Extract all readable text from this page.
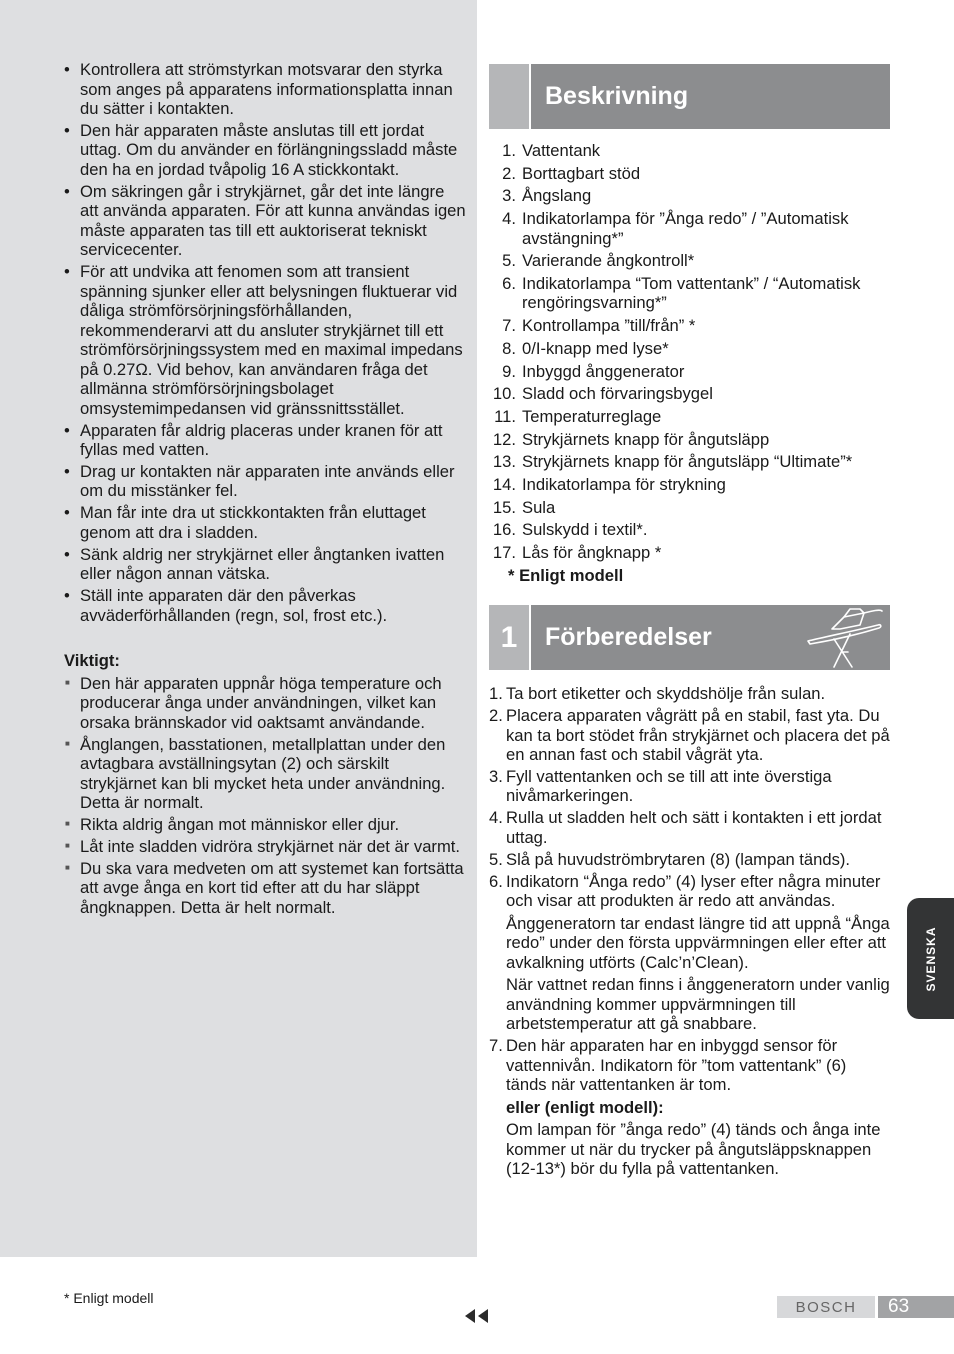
• Kontrollera att strömstyrkan motsvarar den styrka som anges på apparatens informationsplatta innan du sätter i kontakten.
• Den här apparaten måste anslutas till ett jordat uttag. Om du använder en förlängningssladd måste den ha en jordad tvåpolig 16 A stickkontakt.
• Om säkringen går i strykjärnet, går det inte längre att använda apparaten. För att kunna användas igen måste apparaten tas till ett auktoriserat tekniskt servicecenter.
• För att undvika att fenomen som att transient spänning sjunker eller att belysningen fluktuerar vid dåliga strömförsörjningsförhållanden, rekommenderarvi att du ansluter strykjärnet till ett strömförsörjningssystem med en maximal impedans på 0.27Ω. Vid behov, kan användaren fråga det allmänna strömförsörjningsbolaget omsystemimpedansen vid gränssnittsstället.
• Apparaten får aldrig placeras under kranen för att fyllas med vatten.
• Drag ur kontakten när apparaten inte används eller om du misstänker fel.
• Man får inte dra ut stickkontakten från eluttaget genom att dra i sladden.
• Sänk aldrig ner strykjärnet eller ångtanken ivatten eller någon annan vätska.
• Ställ inte apparaten där den påverkas avväderförhållanden (regn, sol, frost etc.).
Viktigt:
■ Den här apparaten uppnår höga temperature och producerar ånga under användningen, vilket kan orsaka brännskador vid oaktsamt användande.
■ Ånglangen, basstationen, metallplattan under den avtagbara avställningsytan (2) och särskilt strykjärnet kan bli mycket heta under användning. Detta är normalt.
■ Rikta aldrig ångan mot människor eller djur.
■ Låt inte sladden vidröra strykjärnet när det är varmt.
■ Du ska vara medveten om att systemet kan fortsätta att avge ånga en kort tid efter att du har släppt ångknappen. Detta är helt normalt.
Beskrivning
1. Vattentank
2. Borttagbart stöd
3. Ångslang
4. Indikatorlampa för ”Ånga redo” / ”Automatisk avstängning*”
5. Varierande ångkontroll*
6. Indikatorlampa “Tom vattentank” / “Automatisk rengöringsvarning*”
7. Kontrollampa ”till/från” *
8. 0/I-knapp med lyse*
9. Inbyggd ånggenerator
10. Sladd och förvaringsbygel
11. Temperaturreglage
12. Strykjärnets knapp för ångutsläpp
13. Strykjärnets knapp för ångutsläpp “Ultimate”*
14. Indikatorlampa för strykning
15. Sula
16. Sulskydd i textil*.
17. Lås för ångknapp *
* Enligt modell
1	Förberedelser
1. Ta bort etiketter och skyddshölje från sulan.

2. Placera apparaten vågrätt på en stabil, fast yta. Du kan ta bort stödet från strykjärnet och placera det på en annan fast och stabil vågrät yta.

3. Fyll vattentanken och se till att inte överstiga nivåmarkeringen.

4. Rulla ut sladden helt och sätt i kontakten i ett jordat uttag.

5. Slå på huvudströmbrytaren (8) (lampan tänds).

6. Indikatorn “Ånga redo” (4) lyser efter några minuter och visar att produkten är redo att användas.

Ånggeneratorn tar endast längre tid att uppnå “Ånga redo” under den första uppvärmningen eller efter att avkalkning utförts (Calc’n’Clean).

När vattnet redan finns i ånggeneratorn under vanlig användning kommer uppvärmningen till arbetstemperatur att gå snabbare.

7. Den här apparaten har en inbyggd sensor för vattennivån. Indikatorn för ”tom vattentank” (6) tänds när vattentanken är tom.

eller (enligt modell):

Om lampan för ”ånga redo” (4) tänds och ånga inte kommer ut när du trycker på ångutsläppsknappen (12-13*) bör du fylla på vattentanken.

SVENSKA
* Enligt modell
BOSCH	63
